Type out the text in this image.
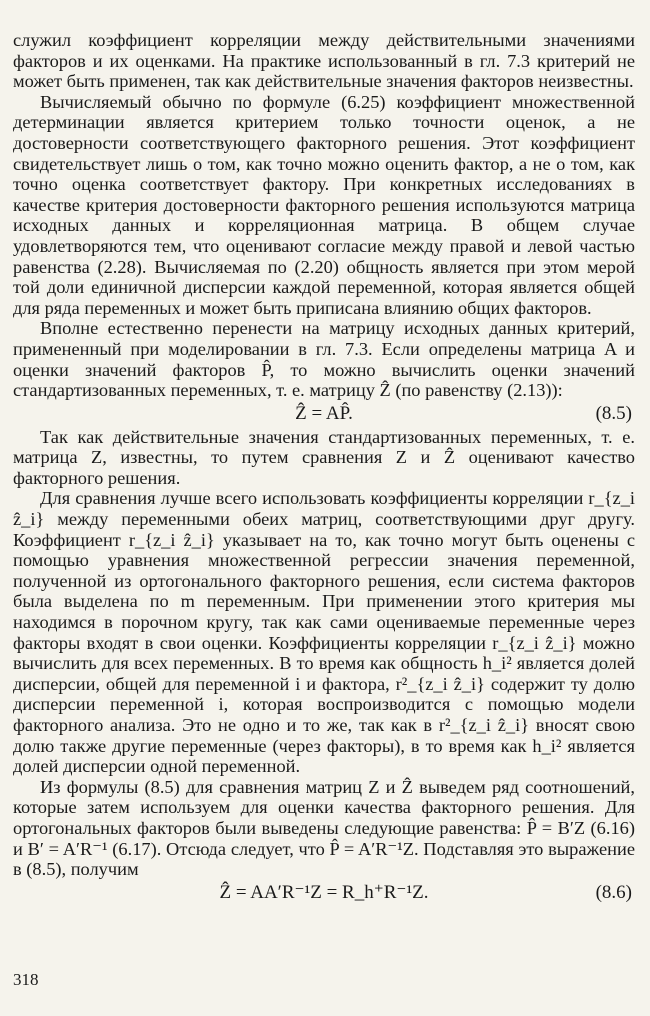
служил коэффициент корреляции между действительными значениями факторов и их оценками. На практике использованный в гл. 7.3 критерий не может быть применен, так как действительные значения факторов неизвестны.

Вычисляемый обычно по формуле (6.25) коэффициент множественной детерминации является критерием только точности оценок, а не достоверности соответствующего факторного решения. Этот коэффициент свидетельствует лишь о том, как точно можно оценить фактор, а не о том, как точно оценка соответствует фактору. При конкретных исследованиях в качестве критерия достоверности факторного решения используются матрица исходных данных и корреляционная матрица. В общем случае удовлетворяются тем, что оценивают согласие между правой и левой частью равенства (2.28). Вычисляемая по (2.20) общность является при этом мерой той доли единичной дисперсии каждой переменной, которая является общей для ряда переменных и может быть приписана влиянию общих факторов.

Вполне естественно перенести на матрицу исходных данных критерий, примененный при моделировании в гл. 7.3. Если определены матрица A и оценки значений факторов P̂, то можно вычислить оценки значений стандартизованных переменных, т. е. матрицу Ẑ (по равенству (2.13)):

Ẑ = AP̂.	(8.5)

Так как действительные значения стандартизованных переменных, т. е. матрица Z, известны, то путем сравнения Z и Ẑ оценивают качество факторного решения.

Для сравнения лучше всего использовать коэффициенты корреляции r_{z_i ẑ_i} между переменными обеих матриц, соответствующими друг другу. Коэффициент r_{z_i ẑ_i} указывает на то, как точно могут быть оценены с помощью уравнения множественной регрессии значения переменной, полученной из ортогонального факторного решения, если система факторов была выделена по m переменным. При применении этого критерия мы находимся в порочном кругу, так как сами оцениваемые переменные через факторы входят в свои оценки. Коэффициенты корреляции r_{z_i ẑ_i} можно вычислить для всех переменных. В то время как общность h_i² является долей дисперсии, общей для переменной i и фактора, r²_{z_i ẑ_i} содержит ту долю дисперсии переменной i, которая воспроизводится с помощью модели факторного анализа. Это не одно и то же, так как в r²_{z_i ẑ_i} вносят свою долю также другие переменные (через факторы), в то время как h_i² является долей дисперсии одной переменной.

Из формулы (8.5) для сравнения матриц Z и Ẑ выведем ряд соотношений, которые затем используем для оценки качества факторного решения. Для ортогональных факторов были выведены следующие равенства: P̂ = B′Z (6.16) и B′ = A′R⁻¹ (6.17). Отсюда следует, что P̂ = A′R⁻¹Z. Подставляя это выражение в (8.5), получим

Ẑ = AA′R⁻¹Z = R_h⁺R⁻¹Z.	(8.6)
318
